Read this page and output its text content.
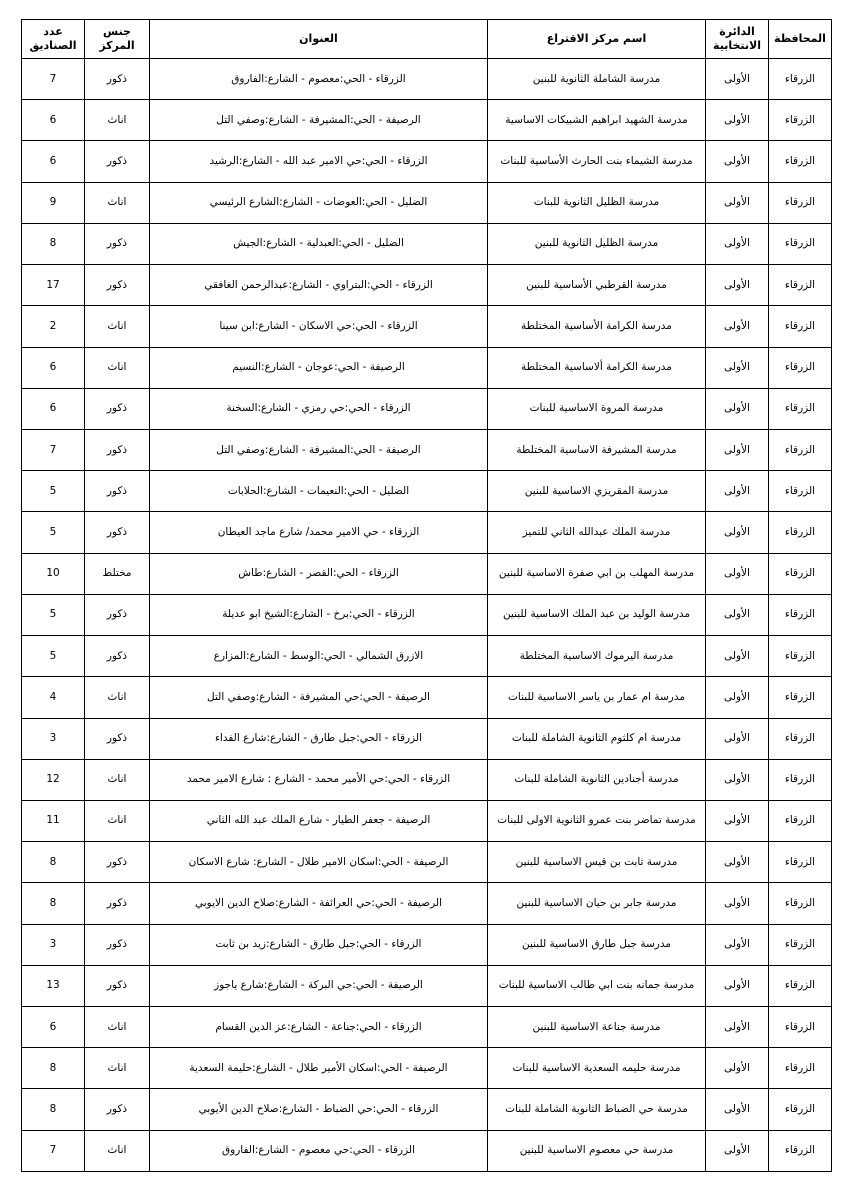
المحافظة	الدائرة الانتخابية	اسم مركز الاقتراع	العنوان	جنس المركز	عدد الصناديق
الزرقاء	الأولى	مدرسة الشاملة الثانوية للبنين	الزرقاء - الحي:معصوم - الشارع:الفاروق	ذكور	7
الزرقاء	الأولى	مدرسة الشهيد ابراهيم الشبيكات الاساسية	الرصيفة - الحي:المشيرفة - الشارع:وصفي التل	اناث	6
الزرقاء	الأولى	مدرسة الشيماء بنت الحارث الأساسية للبنات	الزرقاء - الحي:حي الامير عبد الله - الشارع:الرشيد	ذكور	6
الزرقاء	الأولى	مدرسة الظليل الثانوية للبنات	الضليل - الحي:العوضات - الشارع:الشارع الرئيسي	اناث	9
الزرقاء	الأولى	مدرسة الظليل الثانوية للبنين	الضليل - الحي:العبدلية - الشارع:الجيش	ذكور	8
الزرقاء	الأولى	مدرسة القرطبي الأساسية للبنين	الزرقاء - الحي:البتراوي - الشارع:عبدالرحمن الغافقي	ذكور	17
الزرقاء	الأولى	مدرسة الكرامة الأساسية المختلطة	الزرقاء - الحي:حي الاسكان - الشارع:ابن سينا	اناث	2
الزرقاء	الأولى	مدرسة الكرامة ألاساسية المختلطة	الرصيفة - الحي:عوجان - الشارع:النسيم	اناث	6
الزرقاء	الأولى	مدرسة المروة الاساسية للبنات	الزرقاء - الحي:حي رمزي - الشارع:السخنة	ذكور	6
الزرقاء	الأولى	مدرسة المشيرفة الاساسية المختلطة	الرصيفة - الحي:المشيرفة - الشارع:وصفي التل	ذكور	7
الزرقاء	الأولى	مدرسة المقريزي الاساسية للبنين	الضليل - الحي:النعيمات - الشارع:الحلابات	ذكور	5
الزرقاء	الأولى	مدرسة الملك عبدالله الثاني للتميز	الزرقاء - حي الامير محمد/ شارع ماجد العيطان	ذكور	5
الزرقاء	الأولى	مدرسة المهلب بن ابي صفرة الاساسية للبنين	الزرقاء - الحي:القصر - الشارع:طاش	مختلط	10
الزرقاء	الأولى	مدرسة الوليد بن عبد الملك الاساسية للبنين	الزرقاء - الحي:برخ - الشارع:الشيخ ابو عديلة	ذكور	5
الزرقاء	الأولى	مدرسة اليرموك الاساسية المختلطة	الازرق الشمالي - الحي:الوسط - الشارع:المزارع	ذكور	5
الزرقاء	الأولى	مدرسة ام عمار بن ياسر الاساسية للبنات	الرصيفة - الحي:حي المشيرفة - الشارع:وصفي التل	اناث	4
الزرقاء	الأولى	مدرسة ام كلثوم الثانوية الشاملة للبنات	الزرقاء - الحي:جبل طارق - الشارع:شارع الفداء	ذكور	3
الزرقاء	الأولى	مدرسة أجنادين الثانوية الشاملة للبنات	الزرقاء - الحي:حي الأمير محمد - الشارع : شارع الامير محمد	اناث	12
الزرقاء	الأولى	مدرسة تماضر بنت عمرو الثانوية الاولى للبنات	الرصيفة - جعفر الطيار - شارع الملك عبد الله الثاني	اناث	11
الزرقاء	الأولى	مدرسة ثابت بن قيس الاساسية للبنين	الرصيفة - الحي:اسكان الامير طلال - الشارع: شارع الاسكان	ذكور	8
الزرقاء	الأولى	مدرسة جابر بن حيان الاساسية للبنين	الرصيفة - الحي:حي العرائفة - الشارع:صلاح الدين الايوبي	ذكور	8
الزرقاء	الأولى	مدرسة جبل طارق الاساسية للبنين	الزرقاء - الحي:جبل طارق - الشارع:زيد بن ثابت	ذكور	3
الزرقاء	الأولى	مدرسة جمانه بنت ابي طالب الاساسية للبنات	الرصيفة - الحي:حي البركة - الشارع:شارع ياجوز	ذكور	13
الزرقاء	الأولى	مدرسة جناعة الاساسية للبنين	الزرقاء - الحي:جناعة - الشارع:عز الدين القسام	اناث	6
الزرقاء	الأولى	مدرسة حليمه السعدية الاساسية للبنات	الرصيفة - الحي:اسكان الأمير طلال - الشارع:حليمة السعدية	اناث	8
الزرقاء	الأولى	مدرسة حي الضباط الثانوية الشاملة للبنات	الزرقاء - الحي:حي الضباط - الشارع:صلاح الدين الأيوبي	ذكور	8
الزرقاء	الأولى	مدرسة حي معصوم الاساسية للبنين	الزرقاء - الحي:حي معصوم - الشارع:الفاروق	اناث	7
